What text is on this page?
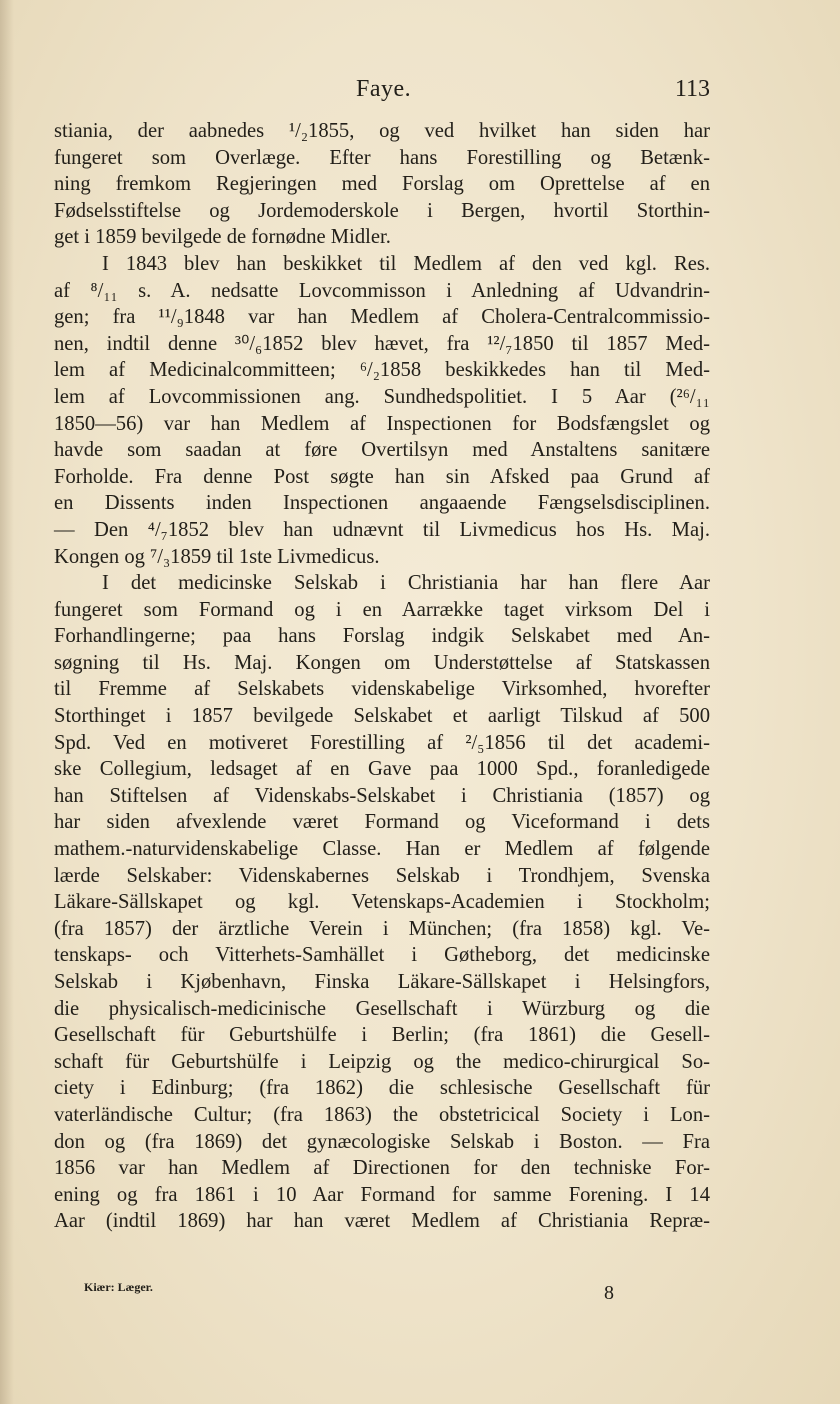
Faye.	113
stiania, der aabnedes ¹/₂1855, og ved hvilket han siden har
fungeret som Overlæge. Efter hans Forestilling og Betænk-
ning fremkom Regjeringen med Forslag om Oprettelse af en
Fødselsstiftelse og Jordemoderskole i Bergen, hvortil Storthin-
get i 1859 bevilgede de fornødne Midler.
I 1843 blev han beskikket til Medlem af den ved kgl. Res.
af ⁸/₁₁ s. A. nedsatte Lovcommisson i Anledning af Udvandrin-
gen; fra ¹¹/₉1848 var han Medlem af Cholera-Centralcommissio-
nen, indtil denne ³⁰/₆1852 blev hævet, fra ¹²/₇1850 til 1857 Med-
lem af Medicinalcommitteen; ⁶/₂1858 beskikkedes han til Med-
lem af Lovcommissionen ang. Sundhedspolitiet. I 5 Aar (²⁶/₁₁
1850—56) var han Medlem af Inspectionen for Bodsfængslet og
havde som saadan at føre Overtilsyn med Anstaltens sanitære
Forholde. Fra denne Post søgte han sin Afsked paa Grund af
en Dissents inden Inspectionen angaaende Fængselsdisciplinen.
— Den ⁴/₇1852 blev han udnævnt til Livmedicus hos Hs. Maj.
Kongen og ⁷/₃1859 til 1ste Livmedicus.
I det medicinske Selskab i Christiania har han flere Aar
fungeret som Formand og i en Aarrække taget virksom Del i
Forhandlingerne; paa hans Forslag indgik Selskabet med An-
søgning til Hs. Maj. Kongen om Understøttelse af Statskassen
til Fremme af Selskabets videnskabelige Virksomhed, hvorefter
Storthinget i 1857 bevilgede Selskabet et aarligt Tilskud af 500
Spd. Ved en motiveret Forestilling af ²/₅1856 til det academi-
ske Collegium, ledsaget af en Gave paa 1000 Spd., foranledigede
han Stiftelsen af Videnskabs-Selskabet i Christiania (1857) og
har siden afvexlende været Formand og Viceformand i dets
mathem.-naturvidenskabelige Classe. Han er Medlem af følgende
lærde Selskaber: Videnskabernes Selskab i Trondhjem, Svenska
Läkare-Sällskapet og kgl. Vetenskaps-Academien i Stockholm;
(fra 1857) der ärztliche Verein i München; (fra 1858) kgl. Ve-
tenskaps- och Vitterhets-Samhället i Gøtheborg, det medicinske
Selskab i Kjøbenhavn, Finska Läkare-Sällskapet i Helsingfors,
die physicalisch-medicinische Gesellschaft i Würzburg og die
Gesellschaft für Geburtshülfe i Berlin; (fra 1861) die Gesell-
schaft für Geburtshülfe i Leipzig og the medico-chirurgical So-
ciety i Edinburg; (fra 1862) die schlesische Gesellschaft für
vaterländische Cultur; (fra 1863) the obstetricical Society i Lon-
don og (fra 1869) det gynæcologiske Selskab i Boston. — Fra
1856 var han Medlem af Directionen for den techniske For-
ening og fra 1861 i 10 Aar Formand for samme Forening. I 14
Aar (indtil 1869) har han været Medlem af Christiania Repræ-
Kiær: Læger.	8
